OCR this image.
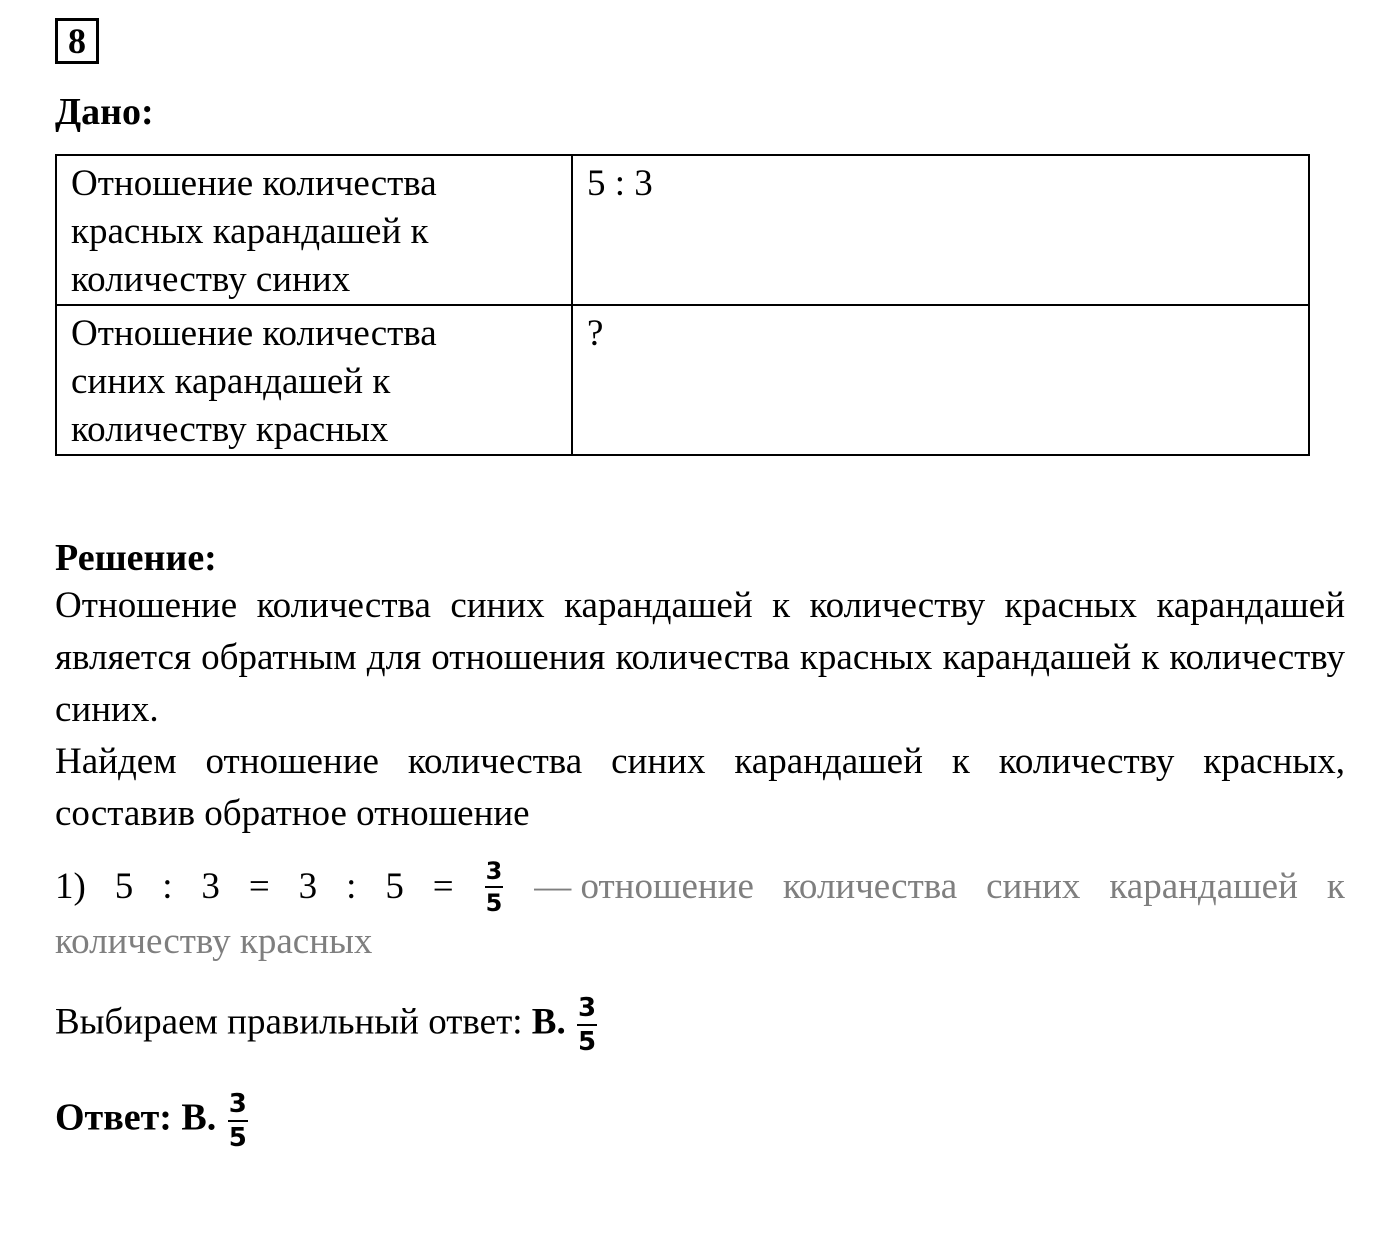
8
Дано:
Отношение количества
красных карандашей к
количеству синих	5 : 3

Отношение количества
синих карандашей к
количеству красных	?
Решение:

Отношение количества синих карандашей к количеству красных карандашей является обратным для отношения количества красных карандашей к количеству синих.

Найдем отношение количества синих карандашей к количеству красных, составив обратное отношение

1) 5 : 3 = 3 : $5 = \frac{3}{5}$ — отношение количества синих карандашей к
количеству красных
Выбираем правильный ответ: В. $\frac{3}{5}$
Ответ: В. $\frac{3}{5}$
